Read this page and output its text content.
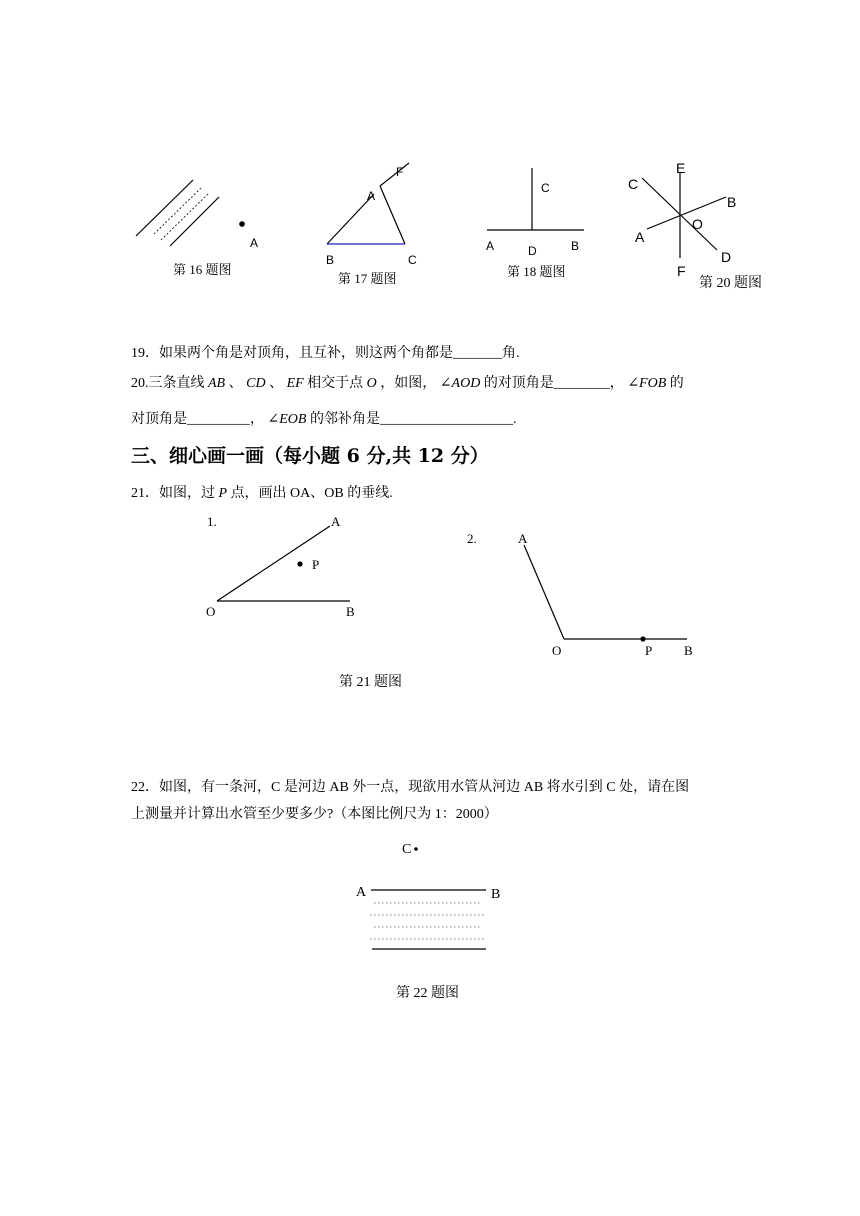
A
第 16 题图
F
A
B	C
第 17 题图
C
A	D	B
第 18 题图
E
C
B
O
A
D
F
第 20 题图
19．如果两个角是对顶角，且互补，则这两个角都是_______角.
20.三条直线 AB 、 CD 、 EF 相交于点 O ，如图， ∠AOD 的对顶角是________， ∠FOB 的
对顶角是_________， ∠EOB 的邻补角是___________________.
三、细心画一画（每小题 6 分,共 12 分）
21．如图，过 P 点，画出 OA、OB 的垂线.
1.	A
P
O	B
2.	A
O	P B
第 21 题图
22．如图，有一条河，C 是河边 AB 外一点，现欲用水管从河边 AB 将水引到 C 处，请在图
上测量并计算出水管至少要多少?（本图比例尺为 1：2000）
C
A	B
第 22 题图
